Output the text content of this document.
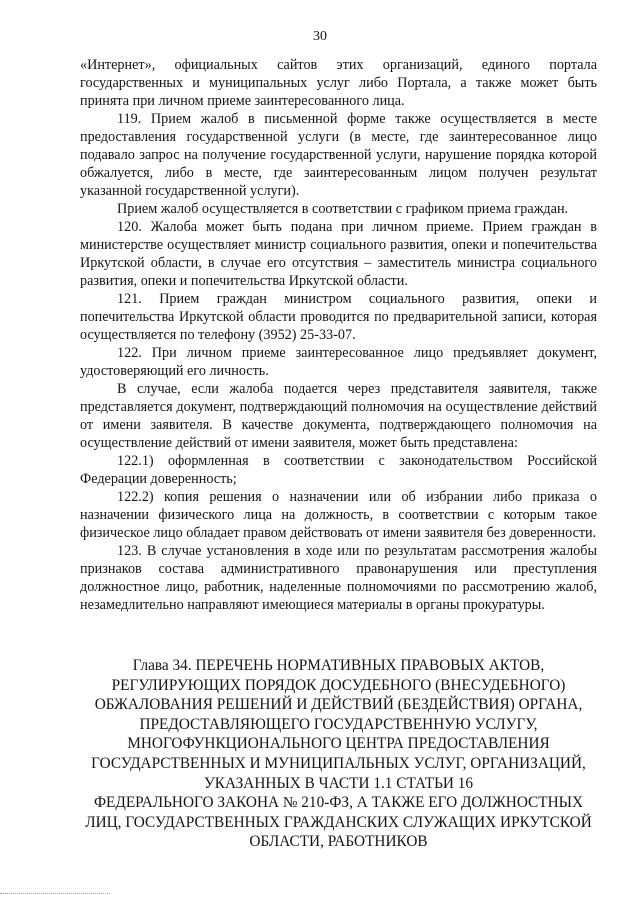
30

«Интернет», официальных сайтов этих организаций, единого портала государственных и муниципальных услуг либо Портала, а также может быть принята при личном приеме заинтересованного лица.

119. Прием жалоб в письменной форме также осуществляется в месте предоставления государственной услуги (в месте, где заинтересованное лицо подавало запрос на получение государственной услуги, нарушение порядка которой обжалуется, либо в месте, где заинтересованным лицом получен результат указанной государственной услуги).

Прием жалоб осуществляется в соответствии с графиком приема граждан.

120. Жалоба может быть подана при личном приеме. Прием граждан в министерстве осуществляет министр социального развития, опеки и попечительства Иркутской области, в случае его отсутствия – заместитель министра социального развития, опеки и попечительства Иркутской области.

121. Прием граждан министром социального развития, опеки и попечительства Иркутской области проводится по предварительной записи, которая осуществляется по телефону (3952) 25-33-07.

122. При личном приеме заинтересованное лицо предъявляет документ, удостоверяющий его личность.

В случае, если жалоба подается через представителя заявителя, также представляется документ, подтверждающий полномочия на осуществление действий от имени заявителя. В качестве документа, подтверждающего полномочия на осуществление действий от имени заявителя, может быть представлена:

122.1) оформленная в соответствии с законодательством Российской Федерации доверенность;

122.2) копия решения о назначении или об избрании либо приказа о назначении физического лица на должность, в соответствии с которым такое физическое лицо обладает правом действовать от имени заявителя без доверенности.

123. В случае установления в ходе или по результатам рассмотрения жалобы признаков состава административного правонарушения или преступления должностное лицо, работник, наделенные полномочиями по рассмотрению жалоб, незамедлительно направляют имеющиеся материалы в органы прокуратуры.

Глава 34. ПЕРЕЧЕНЬ НОРМАТИВНЫХ ПРАВОВЫХ АКТОВ,
РЕГУЛИРУЮЩИХ ПОРЯДОК ДОСУДЕБНОГО (ВНЕСУДЕБНОГО)
ОБЖАЛОВАНИЯ РЕШЕНИЙ И ДЕЙСТВИЙ (БЕЗДЕЙСТВИЯ) ОРГАНА,
ПРЕДОСТАВЛЯЮЩЕГО ГОСУДАРСТВЕННУЮ УСЛУГУ,
МНОГОФУНКЦИОНАЛЬНОГО ЦЕНТРА ПРЕДОСТАВЛЕНИЯ
ГОСУДАРСТВЕННЫХ И МУНИЦИПАЛЬНЫХ УСЛУГ, ОРГАНИЗАЦИЙ,
УКАЗАННЫХ В ЧАСТИ 1.1 СТАТЬИ 16
ФЕДЕРАЛЬНОГО ЗАКОНА № 210-ФЗ, А ТАКЖЕ ЕГО ДОЛЖНОСТНЫХ
ЛИЦ, ГОСУДАРСТВЕННЫХ ГРАЖДАНСКИХ СЛУЖАЩИХ ИРКУТСКОЙ
ОБЛАСТИ, РАБОТНИКОВ
